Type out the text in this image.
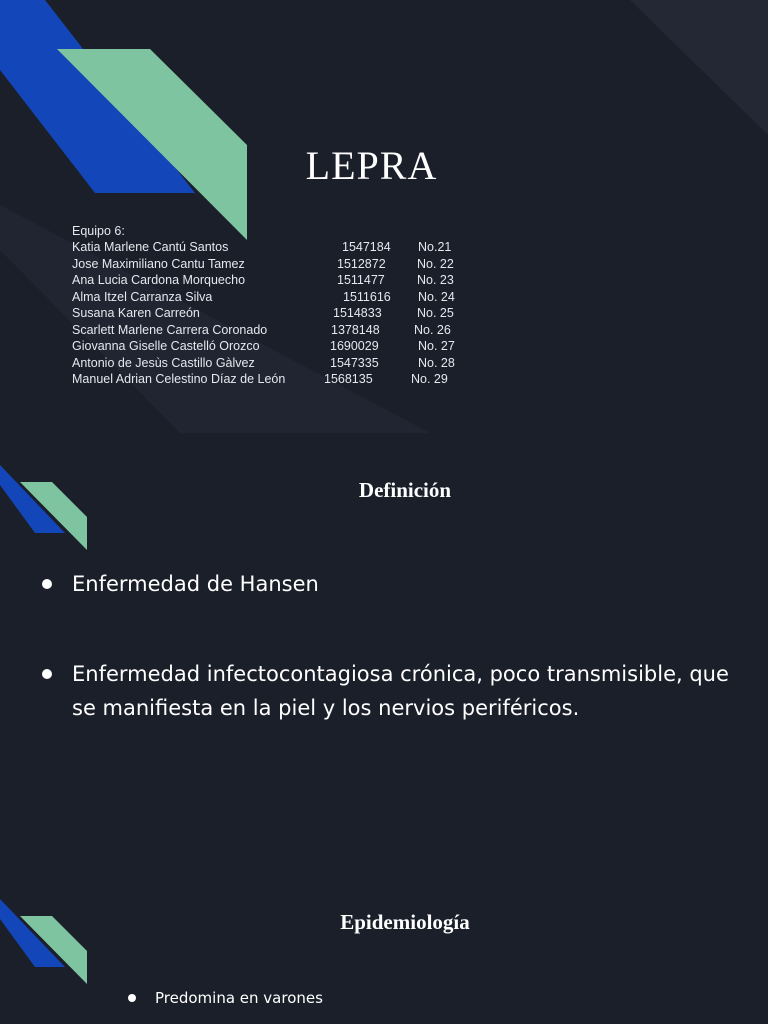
LEPRA
Equipo 6:
Katia Marlene Cantú Santos	1547184 No.21
Jose Maximiliano Cantu Tamez	1512872	No. 22
Ana Lucia Cardona Morquecho	1511477	No. 23
Alma Itzel Carranza Silva	1511616 No. 24
Susana Karen Carreón	1514833	No. 25
Scarlett Marlene Carrera Coronado	1378148	No. 26
Giovanna Giselle Castelló Orozco	1690029	No. 27
Antonio de Jesùs Castillo Gàlvez	1547335	No. 28
Manuel Adrian Celestino Díaz de León	1568135	No. 29
Definición
Enfermedad de Hansen
Enfermedad infectocontagiosa crónica, poco transmisible, que se manifiesta en la piel y los nervios periféricos.
Epidemiología
Predomina en varones
